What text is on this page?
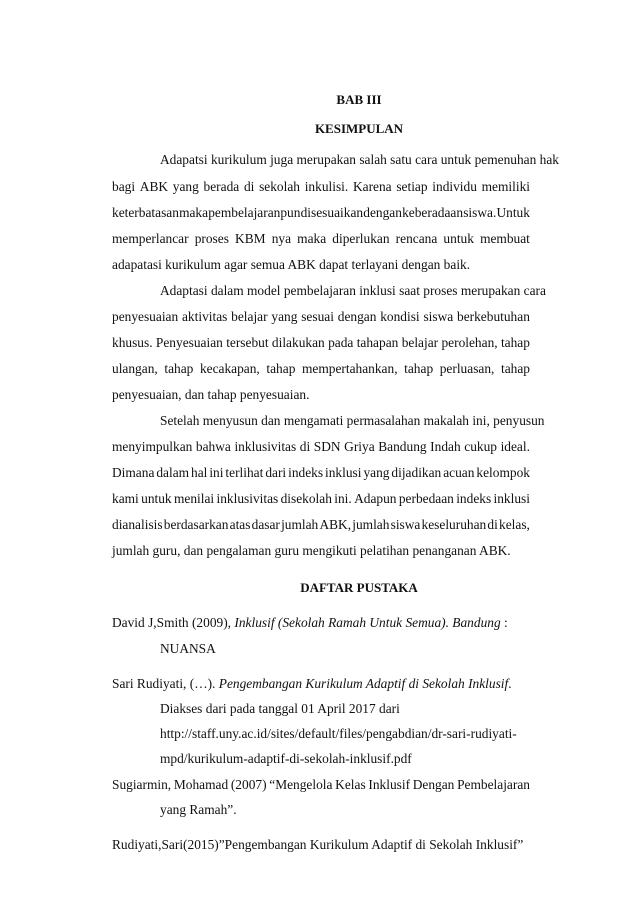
BAB III
KESIMPULAN
Adapatsi kurikulum juga merupakan salah satu cara untuk pemenuhan hak
bagi ABK yang berada di sekolah inkulisi. Karena setiap individu memiliki
keterbatasan maka pembelajaranpun disesuaikan dengan keberadaan siswa. Untuk
memperlancar proses KBM nya maka diperlukan rencana untuk membuat
adapatasi kurikulum agar semua ABK dapat terlayani dengan baik.
Adaptasi dalam model pembelajaran inklusi saat proses merupakan cara
penyesuaian aktivitas belajar yang sesuai dengan kondisi siswa berkebutuhan
khusus. Penyesuaian tersebut dilakukan pada tahapan belajar perolehan, tahap
ulangan, tahap kecakapan, tahap mempertahankan, tahap perluasan, tahap
penyesuaian, dan tahap penyesuaian.
Setelah menyusun dan mengamati permasalahan makalah ini, penyusun
menyimpulkan bahwa inklusivitas di SDN Griya Bandung Indah cukup ideal.
Dimana dalam hal ini terlihat dari indeks inklusi yang dijadikan acuan kelompok
kami untuk menilai inklusivitas disekolah ini. Adapun perbedaan indeks inklusi
dianalisis berdasarkan atas dasar jumlah ABK, jumlah siswa keseluruhan di kelas,
jumlah guru, dan pengalaman guru mengikuti pelatihan penanganan ABK.
DAFTAR PUSTAKA
David J,Smith (2009), Inklusif (Sekolah Ramah Untuk Semua). Bandung :
NUANSA
Sari Rudiyati, (…). Pengembangan Kurikulum Adaptif di Sekolah Inklusif.
Diakses dari pada tanggal 01 April 2017 dari
http://staff.uny.ac.id/sites/default/files/pengabdian/dr-sari-rudiyati-
mpd/kurikulum-adaptif-di-sekolah-inklusif.pdf
Sugiarmin, Mohamad (2007) “Mengelola Kelas Inklusif Dengan Pembelajaran
yang Ramah”.
Rudiyati,Sari(2015)”Pengembangan Kurikulum Adaptif di Sekolah Inklusif”
